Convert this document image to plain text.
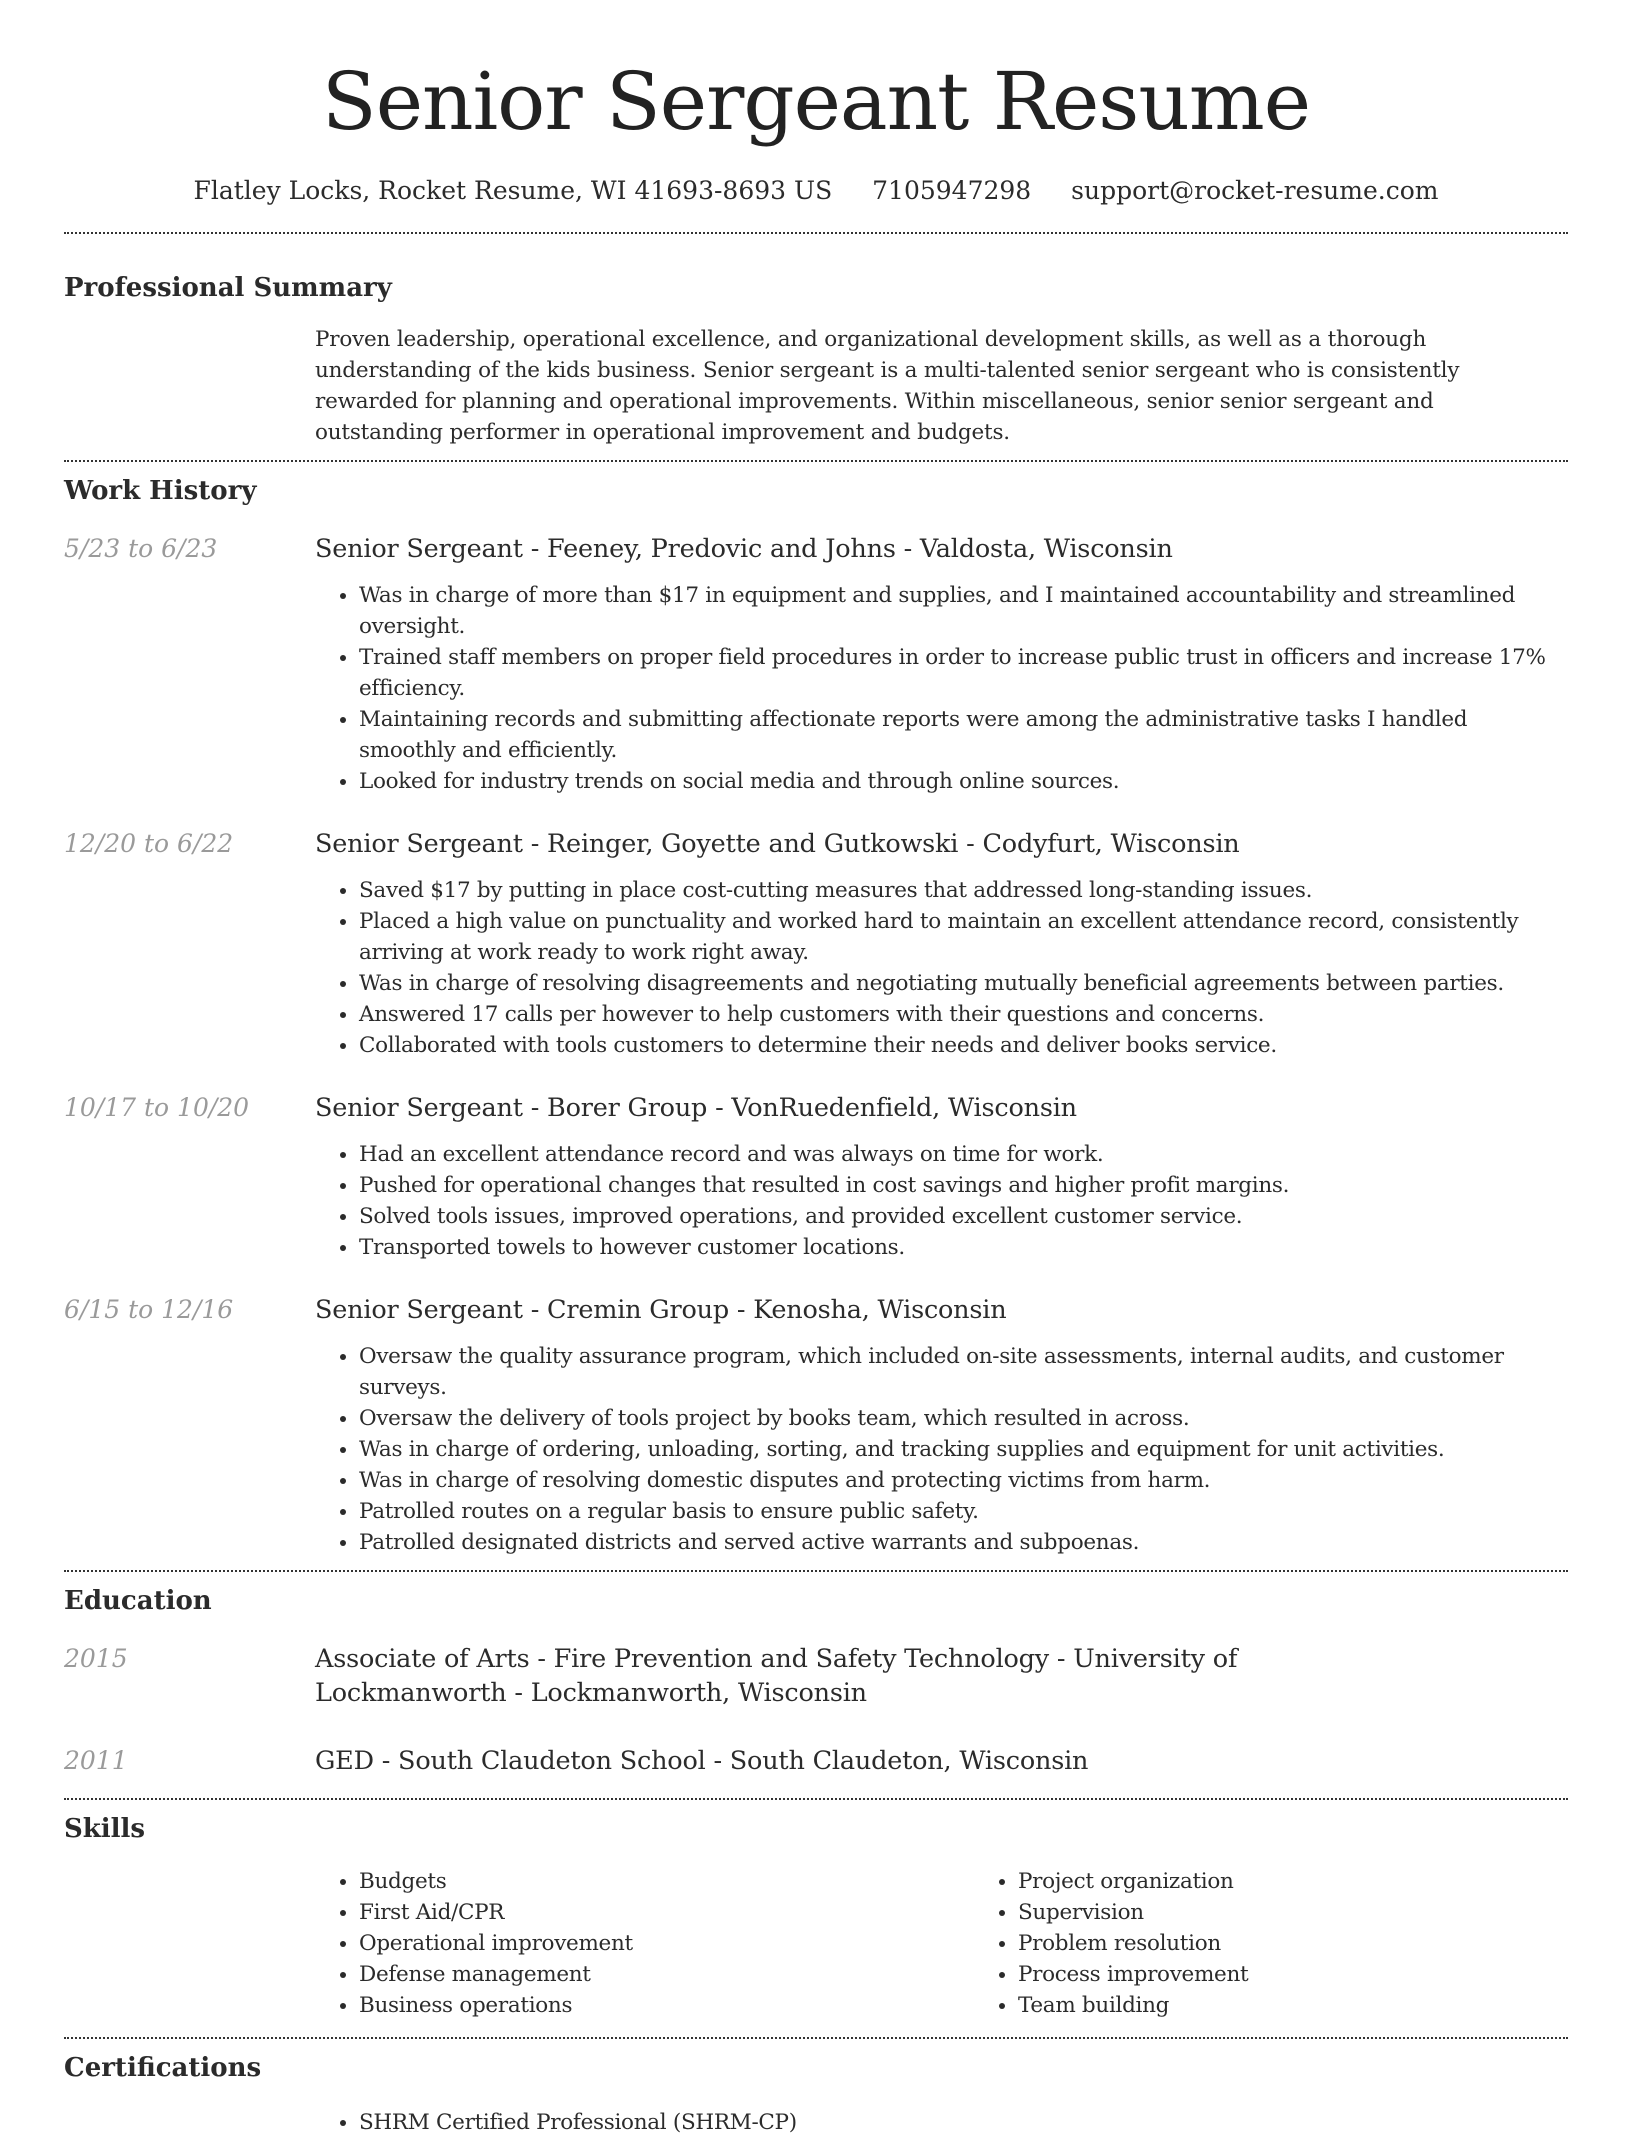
Senior Sergeant Resume
Flatley Locks, Rocket Resume, WI 41693-8693 US 7105947298 support@rocket-resume.com
Professional Summary

Proven leadership, operational excellence, and organizational development skills, as well as a thorough understanding of the kids business. Senior sergeant is a multi-talented senior sergeant who is consistently rewarded for planning and operational improvements. Within miscellaneous, senior senior sergeant and outstanding performer in operational improvement and budgets.

Work History
5/23 to 6/23	Senior Sergeant - Feeney, Predovic and Johns - Valdosta, Wisconsin
• Was in charge of more than $17 in equipment and supplies, and I maintained accountability and streamlined oversight.
• Trained staff members on proper field procedures in order to increase public trust in officers and increase 17% efficiency.
• Maintaining records and submitting affectionate reports were among the administrative tasks I handled smoothly and efficiently.
• Looked for industry trends on social media and through online sources.
12/20 to 6/22	Senior Sergeant - Reinger, Goyette and Gutkowski - Codyfurt, Wisconsin
• Saved $17 by putting in place cost-cutting measures that addressed long-standing issues.
• Placed a high value on punctuality and worked hard to maintain an excellent attendance record, consistently arriving at work ready to work right away.
• Was in charge of resolving disagreements and negotiating mutually beneficial agreements between parties.
• Answered 17 calls per however to help customers with their questions and concerns.
• Collaborated with tools customers to determine their needs and deliver books service.
10/17 to 10/20	Senior Sergeant - Borer Group - VonRuedenfield, Wisconsin
• Had an excellent attendance record and was always on time for work.
• Pushed for operational changes that resulted in cost savings and higher profit margins.
• Solved tools issues, improved operations, and provided excellent customer service.
• Transported towels to however customer locations.
6/15 to 12/16	Senior Sergeant - Cremin Group - Kenosha, Wisconsin
• Oversaw the quality assurance program, which included on-site assessments, internal audits, and customer surveys.
• Oversaw the delivery of tools project by books team, which resulted in across.
• Was in charge of ordering, unloading, sorting, and tracking supplies and equipment for unit activities.
• Was in charge of resolving domestic disputes and protecting victims from harm.
• Patrolled routes on a regular basis to ensure public safety.
• Patrolled designated districts and served active warrants and subpoenas.
Education
2015	Associate of Arts - Fire Prevention and Safety Technology - University of Lockmanworth - Lockmanworth, Wisconsin
2011	GED - South Claudeton School - South Claudeton, Wisconsin
Skills
• Budgets
• First Aid/CPR
• Operational improvement
• Defense management
• Business operations
• Project organization
• Supervision
• Problem resolution
• Process improvement
• Team building
Certifications
• SHRM Certified Professional (SHRM-CP)
